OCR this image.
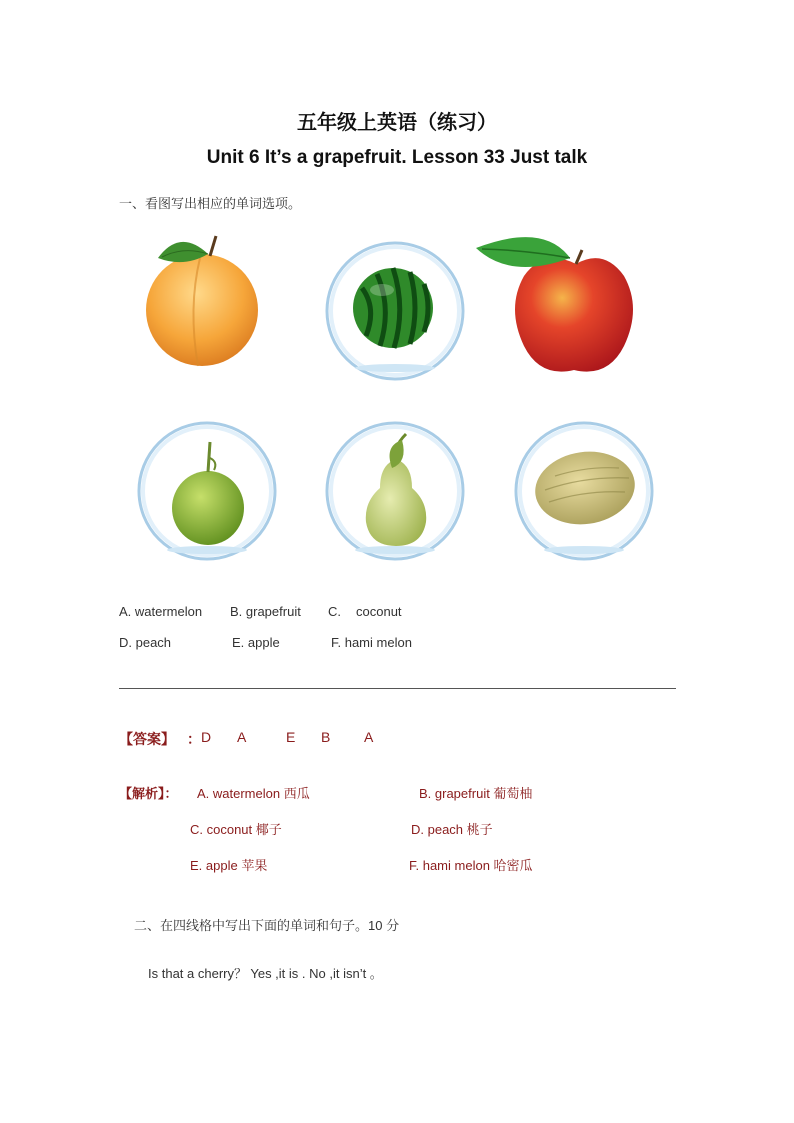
五年级上英语（练习）
Unit 6 It’s a grapefruit. Lesson 33 Just talk
一、看图写出相应的单词选项。
A. watermelon B. grapefruit C. coconut
D. peach	E. apple	F. hami melon
【答案】 ： D A	E B A
【解析】： A. watermelon 西瓜	B. grapefruit 葡萄柚
C. coconut 椰子	D. peach 桃子
E. apple 苹果	F. hami melon 哈密瓜
二、在四线格中写出下面的单词和句子。10 分
Is that a cherry？ Yes ,it is . No ,it isn’t 。
